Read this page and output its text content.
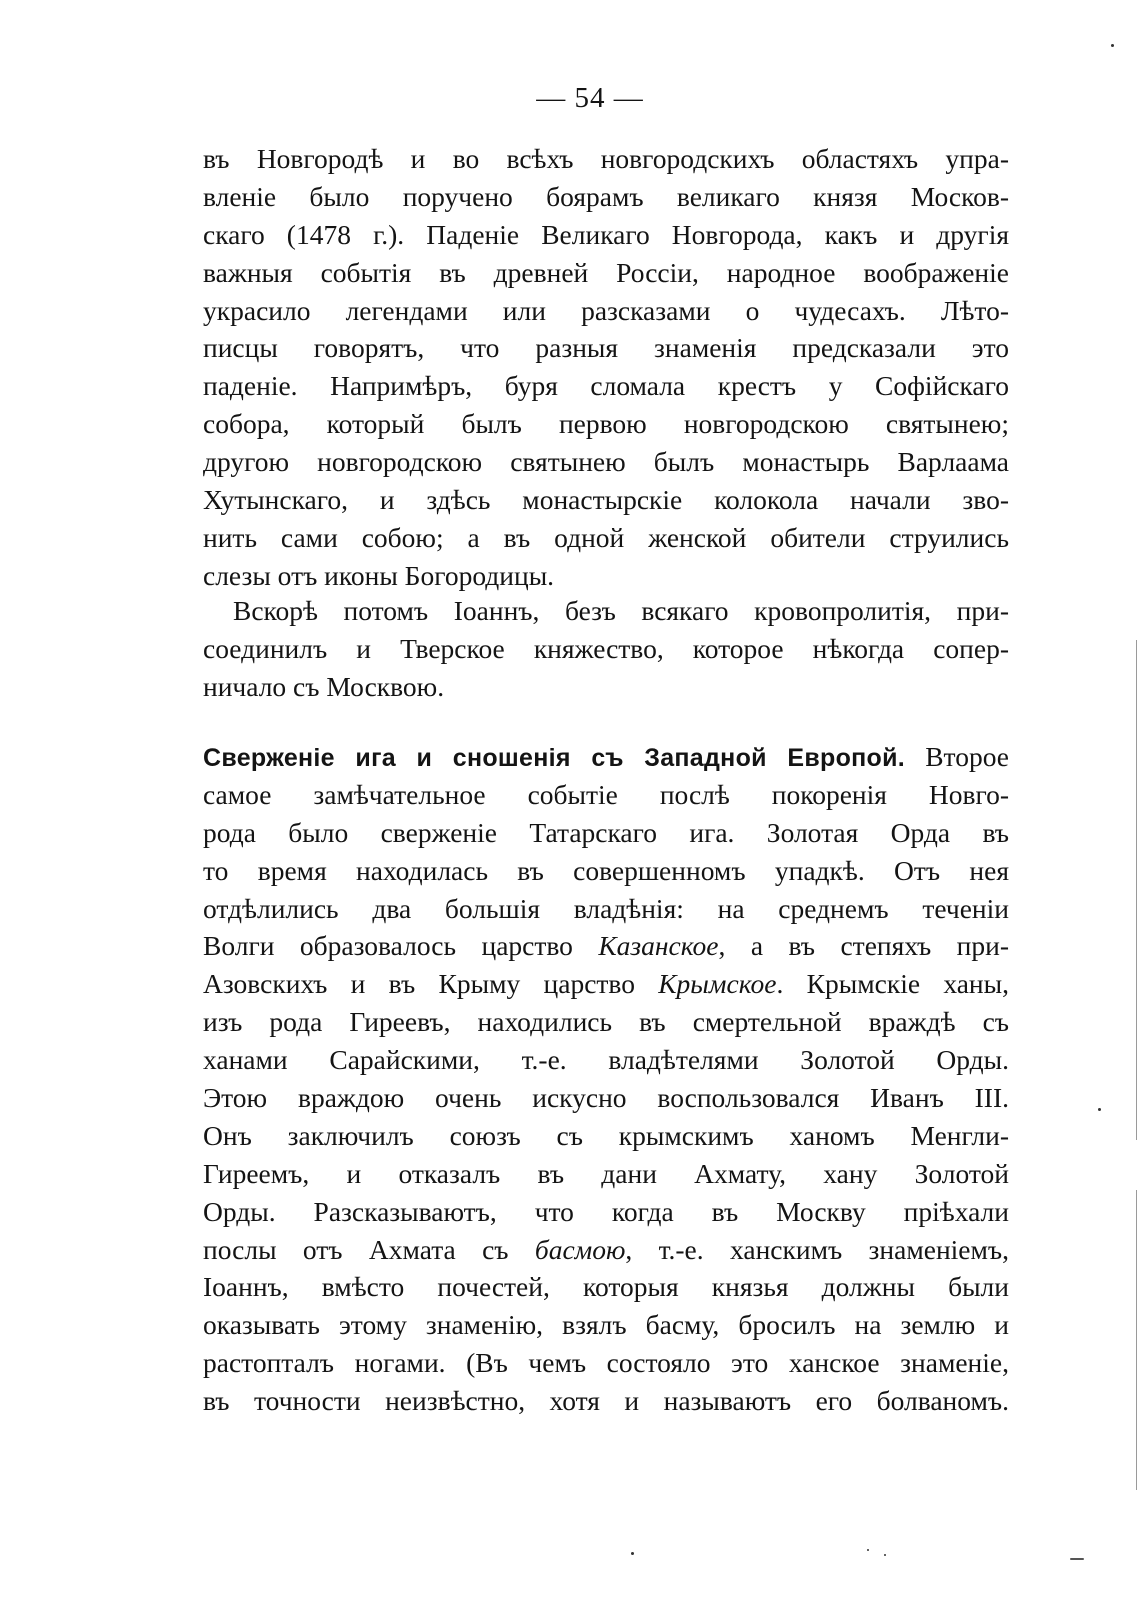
— 54 —
въ Новгородѣ и во всѣхъ новгородскихъ областяхъ упра-
вленіе было поручено боярамъ великаго князя Москов-
скаго (1478 г.). Паденіе Великаго Новгорода, какъ и другія
важныя событія въ древней Россіи, народное воображеніе
украсило легендами или разсказами о чудесахъ. Лѣто-
писцы говорятъ, что разныя знаменія предсказали это
паденіе. Напримѣръ, буря сломала крестъ у Софійскаго
собора, который былъ первою новгородскою святынею;
другою новгородскою святынею былъ монастырь Варлаама
Хутынскаго, и здѣсь монастырскіе колокола начали зво-
нить сами собою; а въ одной женской обители струились
слезы отъ иконы Богородицы.
Вскорѣ потомъ Іоаннъ, безъ всякаго кровопролитія, при-
соединилъ и Тверское княжество, которое нѣкогда сопер-
ничало съ Москвою.
Сверженіе ига и сношенія съ Западной Европой. Второе
самое замѣчательное событіе послѣ покоренія Новго-
рода было сверженіе Татарскаго ига. Золотая Орда въ
то время находилась въ совершенномъ упадкѣ. Отъ нея
отдѣлились два большія владѣнія: на среднемъ теченіи
Волги образовалось царство Казанское, а въ степяхъ при-
Азовскихъ и въ Крыму царство Крымское. Крымскіе ханы,
изъ рода Гиреевъ, находились въ смертельной враждѣ съ
ханами Сарайскими, т.-е. владѣтелями Золотой Орды.
Этою враждою очень искусно воспользовался Иванъ III.
Онъ заключилъ союзъ съ крымскимъ ханомъ Менгли-
Гиреемъ, и отказалъ въ дани Ахмату, хану Золотой
Орды. Разсказываютъ, что когда въ Москву пріѣхали
послы отъ Ахмата съ басмою, т.-е. ханскимъ знаменіемъ,
Іоаннъ, вмѣсто почестей, которыя князья должны были
оказывать этому знаменію, взялъ басму, бросилъ на землю и
растопталъ ногами. (Въ чемъ состояло это ханское знаменіе,
въ точности неизвѣстно, хотя и называютъ его болваномъ.
